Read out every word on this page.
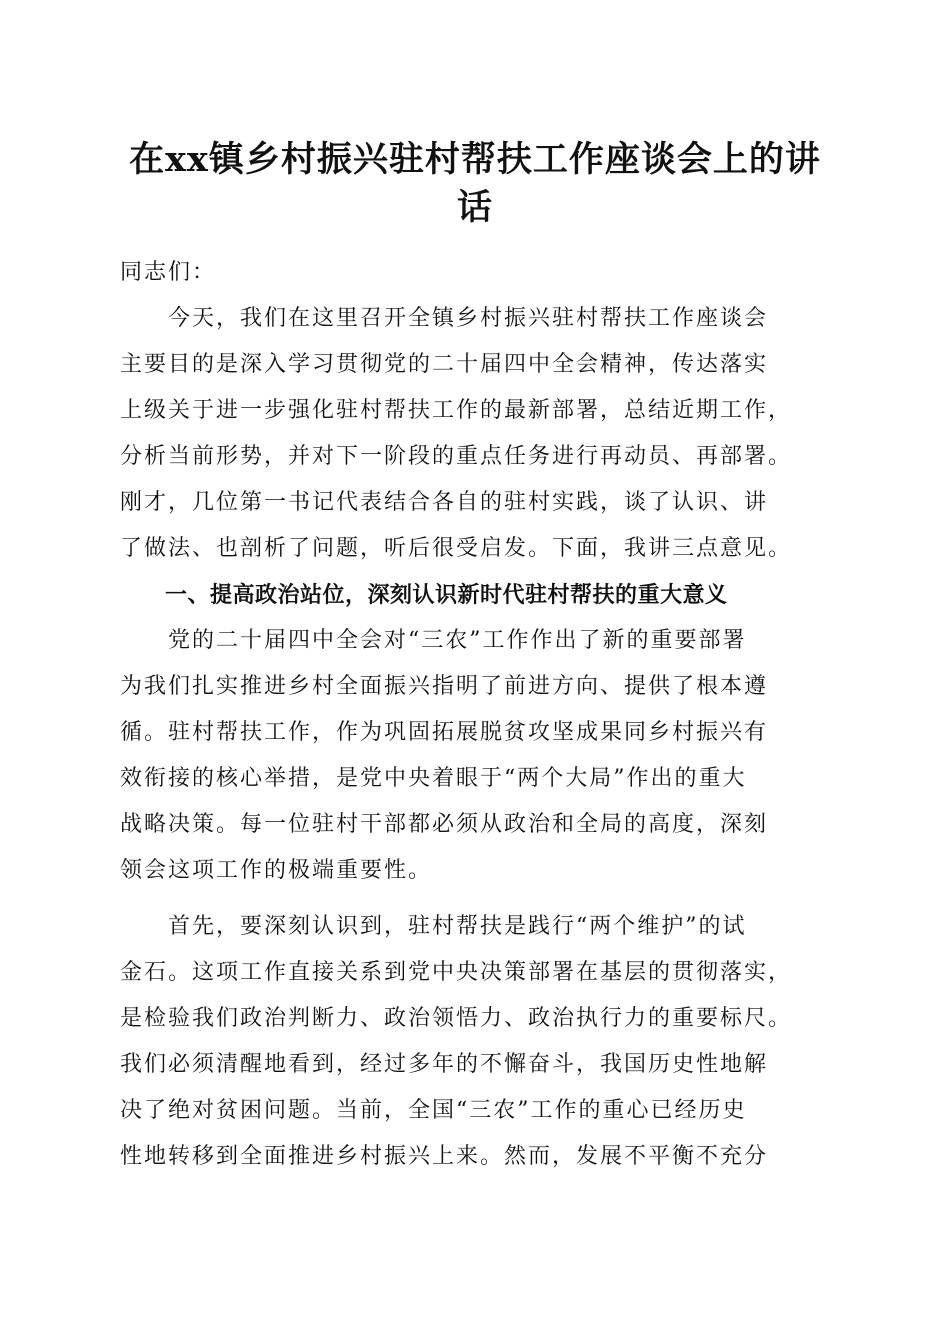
在xx镇乡村振兴驻村帮扶工作座谈会上的讲
话
同志们：
　　今天，我们在这里召开全镇乡村振兴驻村帮扶工作座谈会
主要目的是深入学习贯彻党的二十届四中全会精神，传达落实
上级关于进一步强化驻村帮扶工作的最新部署，总结近期工作，
分析当前形势，并对下一阶段的重点任务进行再动员、再部署。
刚才，几位第一书记代表结合各自的驻村实践，谈了认识、讲
了做法、也剖析了问题，听后很受启发。下面，我讲三点意见。
　　一、提高政治站位，深刻认识新时代驻村帮扶的重大意义
　　党的二十届四中全会对“三农”工作作出了新的重要部署
为我们扎实推进乡村全面振兴指明了前进方向、提供了根本遵
循。驻村帮扶工作，作为巩固拓展脱贫攻坚成果同乡村振兴有
效衔接的核心举措，是党中央着眼于“两个大局”作出的重大
战略决策。每一位驻村干部都必须从政治和全局的高度，深刻
领会这项工作的极端重要性。
　　首先，要深刻认识到，驻村帮扶是践行“两个维护”的试
金石。这项工作直接关系到党中央决策部署在基层的贯彻落实，
是检验我们政治判断力、政治领悟力、政治执行力的重要标尺。
我们必须清醒地看到，经过多年的不懈奋斗，我国历史性地解
决了绝对贫困问题。当前，全国“三农”工作的重心已经历史
性地转移到全面推进乡村振兴上来。然而，发展不平衡不充分
